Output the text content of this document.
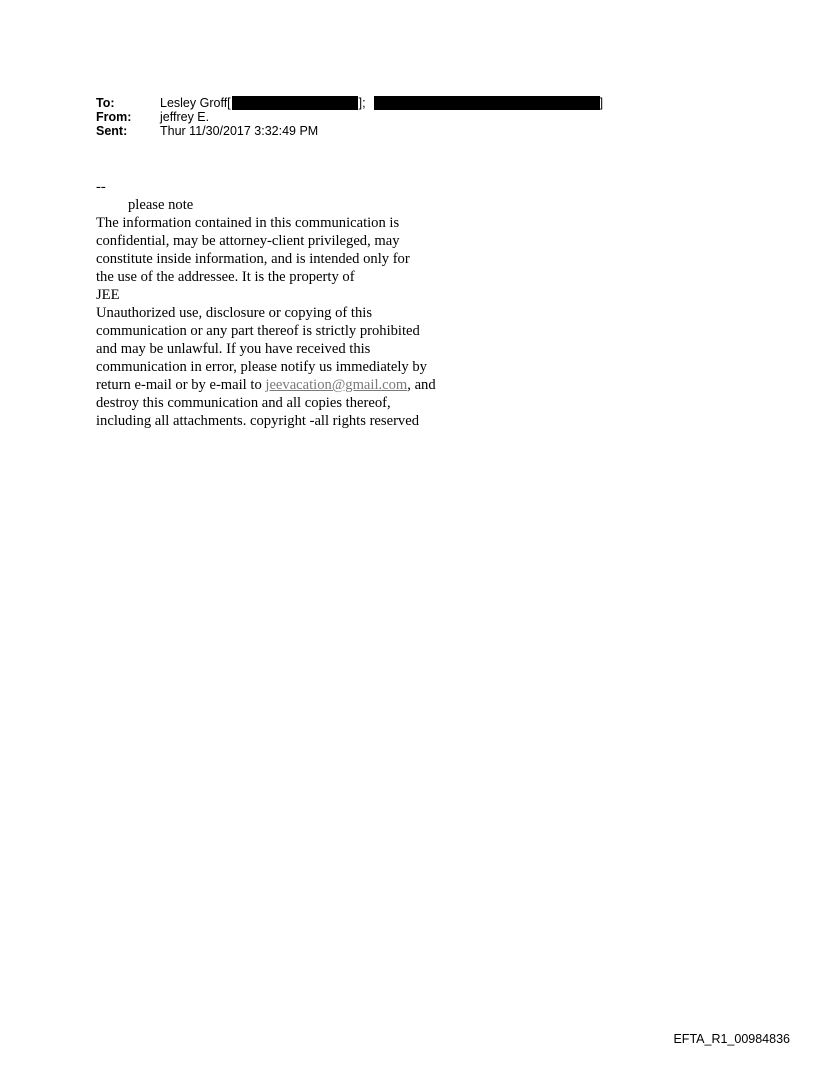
To:	Lesley Groff [	];	]
From:	jeffrey E.
Sent:	Thur 11/30/2017 3:32:49 PM

--

please note

The information contained in this communication is

confidential, may be attorney-client privileged, may

constitute inside information, and is intended only for

the use of the addressee. It is the property of

JEE

Unauthorized use, disclosure or copying of this

communication or any part thereof is strictly prohibited

and may be unlawful. If you have received this

communication in error, please notify us immediately by

return e-mail or by e-mail to jeevacation@gmail.com, and

destroy this communication and all copies thereof,

including all attachments. copyright -all rights reserved

EFTA_R1_00984836
